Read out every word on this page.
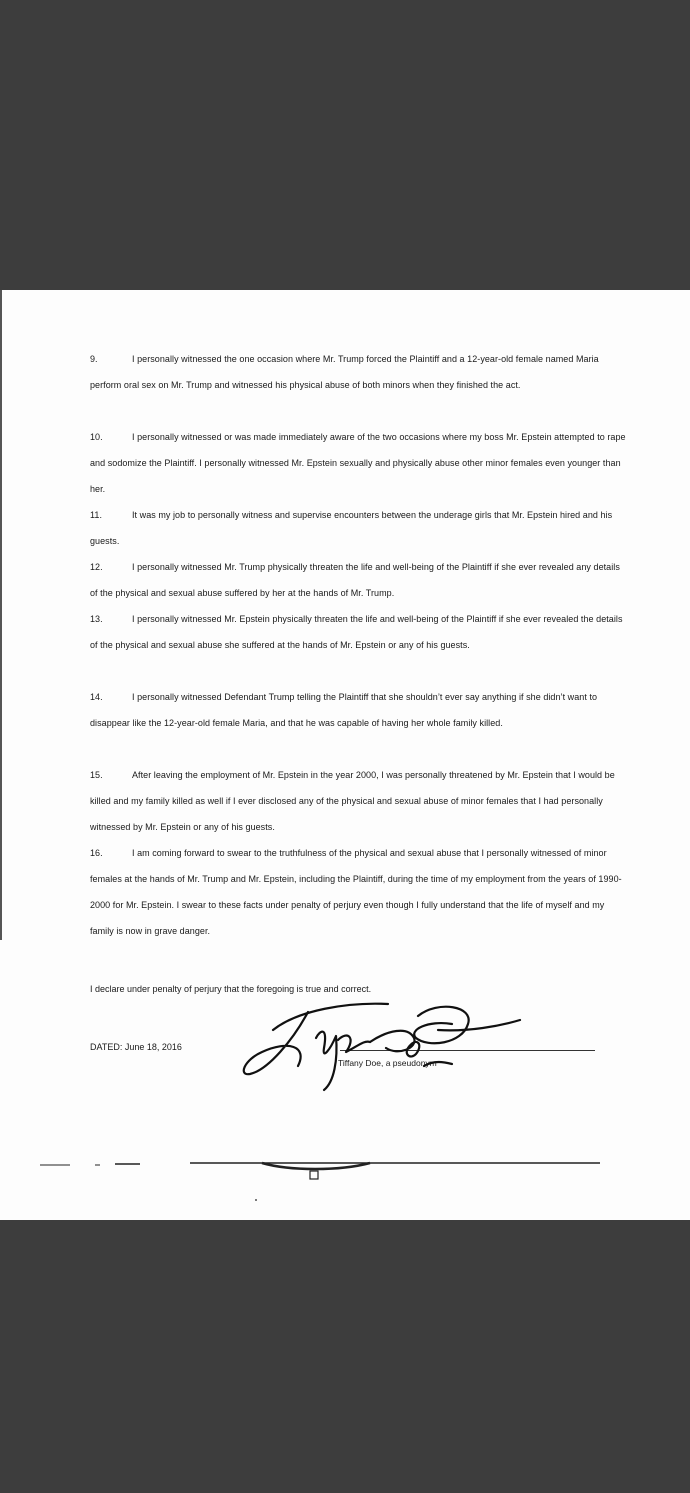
9.	I personally witnessed the one occasion where Mr. Trump forced the Plaintiff and a 12-year-old female named Maria perform oral sex on Mr. Trump and witnessed his physical abuse of both minors when they finished the act.

10.	I personally witnessed or was made immediately aware of the two occasions where my boss Mr. Epstein attempted to rape and sodomize the Plaintiff. I personally witnessed Mr. Epstein sexually and physically abuse other minor females even younger than her.

11.	It was my job to personally witness and supervise encounters between the underage girls that Mr. Epstein hired and his guests.

12.	I personally witnessed Mr. Trump physically threaten the life and well-being of the Plaintiff if she ever revealed any details of the physical and sexual abuse suffered by her at the hands of Mr. Trump.

13.	I personally witnessed Mr. Epstein physically threaten the life and well-being of the Plaintiff if she ever revealed the details of the physical and sexual abuse she suffered at the hands of Mr. Epstein or any of his guests.

14.	I personally witnessed Defendant Trump telling the Plaintiff that she shouldn’t ever say anything if she didn’t want to disappear like the 12-year-old female Maria, and that he was capable of having her whole family killed.

15.	After leaving the employment of Mr. Epstein in the year 2000, I was personally threatened by Mr. Epstein that I would be killed and my family killed as well if I ever disclosed any of the physical and sexual abuse of minor females that I had personally witnessed by Mr. Epstein or any of his guests.

16.	I am coming forward to swear to the truthfulness of the physical and sexual abuse that I personally witnessed of minor females at the hands of Mr. Trump and Mr. Epstein, including the Plaintiff, during the time of my employment from the years of 1990-2000 for Mr. Epstein. I swear to these facts under penalty of perjury even though I fully understand that the life of myself and my family is now in grave danger.

I declare under penalty of perjury that the foregoing is true and correct.
DATED: June 18, 2016
Tiffany Doe, a pseudonym
